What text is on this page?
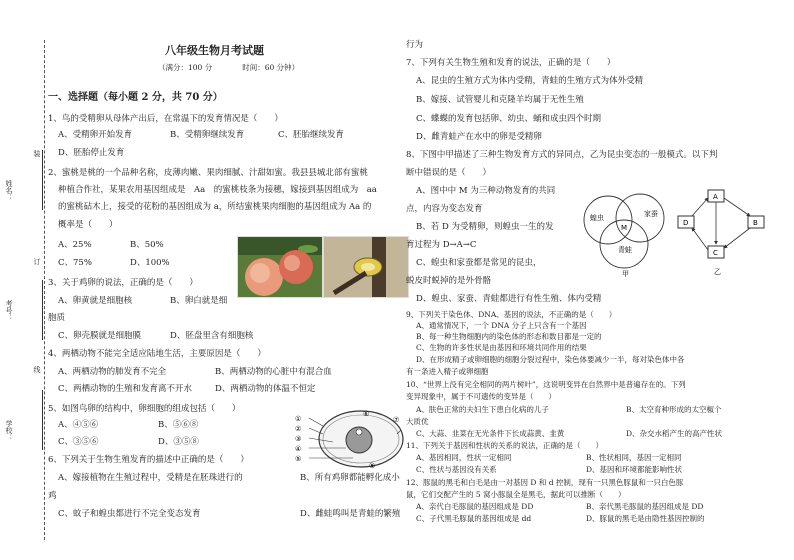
姓名：
考号：
学校：
装
订
线
八年级生物月考试题
（满分：100 分　　　　时间：60 分钟）
一、选择题（每小题 2 分，共 70 分）
1、鸟的受精卵从母体产出后，在常温下的发育情况是（　　）
A、受精卵开始发育	B、受精卵继续发育	C、胚胎继续发育
D、胚胎停止发育
2、蜜桃是桃的一个品种名称，皮薄肉嫩、果肉细腻、汁甜如蜜。我县县城北部有蜜桃
种植合作社，某果农用基因组成是　Aa　的蜜桃枝条为接穗，嫁接到基因组成为　aa
的蜜桃砧木上，接受的花粉的基因组成为 a，所结蜜桃果肉细胞的基因组成为 Aa 的
概率是（　　）
A、25%	B、50%
C、75%	D、100%
3、关于鸡卵的说法，正确的是（　　）
A、卵黄就是细胞核	B、卵白就是细
胞质
C、卵壳膜就是细胞膜	D、胚盘里含有细胞核
4、两栖动物不能完全适应陆地生活，主要原因是（　　）
A、两栖动物的肺发育不完全	B、两栖动物的心脏中有混合血
C、两栖动物的生殖和发育离不开水	D、两栖动物的体温不恒定
5、如图鸟卵的结构中，卵细胞的组成包括（　　）
A、④⑤⑥	B、⑤⑥⑧
C、③⑤⑥	D、③⑤⑧
①
②
③
④
⑤
⑥
⑦
⑧
6、下列关于生物生殖发育的描述中正确的是（　　）
A、嫁接植物在生殖过程中，受精是在胚珠进行的	B、所有鸡卵都能孵化成小
鸡
C、蚊子和蝗虫都进行不完全变态发育	D、雌蛙鸣叫是青蛙的繁殖
行为
7、下列有关生物生殖和发育的说法，正确的是（　　）
A、昆虫的生殖方式为体内受精，青蛙的生殖方式为体外受精
B、嫁接、试管婴儿和克隆羊均属于无性生殖
C、蝶蝶的发育包括卵、幼虫、蛹和成虫四个时期
D、雌青蛙产在水中的卵是受精卵
8、下图中甲描述了三种生物发育方式的异同点，乙为昆虫变态的一般模式。以下判
断中错误的是（　　）
A、图中中 M 为三种动物发育的共同
点，内容为变态发育
B、若 D 为受精卵，则蝗虫一生的发
育过程为 D→A→C
C、蝗虫和家蚕都是常见的昆虫，
蜕皮时蜕掉的是外骨骼
D、蝗虫、家蚕、青蛙都进行有性生殖、体内受精
蝗虫	家蚕
青蛙
M
甲
A
B
C
D
乙
9、下列关于染色体、DNA、基因的说法，不正确的是（　　）
A、通常情况下，一个 DNA 分子上只含有一个基因
B、每一种生物细胞内的染色体的形态和数目都是一定的
C、生物的许多性状是由基因和环境共同作用的结果
D、在形成精子或卵细胞的细胞分裂过程中，染色体要减少一半，每对染色体中各
有一条进入精子或卵细胞
10、“世界上没有完全相同的两片树叶”，这说明变异在自然界中是普遍存在的。下列
变异现象中，属于不可遗传的变异是（　　）
A、肤色正常的夫妇生下患白化病的儿子	B、太空育种形成的太空椒个
大质优
C、大蒜、韭菜在无光条件下长成蒜黄、韭黄	D、杂交水稻产生的高产性状
11、下列关于基因和性状的关系的说法，正确的是（　　）
A、基因相同，性状一定相同	B、性状相同，基因一定相同
C、性状与基因没有关系	D、基因和环境都能影响性状
12、豚鼠的黑毛和白毛是由一对基因 D 和 d 控制，现有一只黑色豚鼠和一只白色豚
鼠，它们交配产生的 5 窝小豚鼠全是黑毛，据此可以推断（　　）
A、亲代白毛豚鼠的基因组成是 DD	B、亲代黑毛豚鼠的基因组成是 DD
C、子代黑毛豚鼠的基因组成是 dd	D、豚鼠的黑毛是由隐性基因控制的
